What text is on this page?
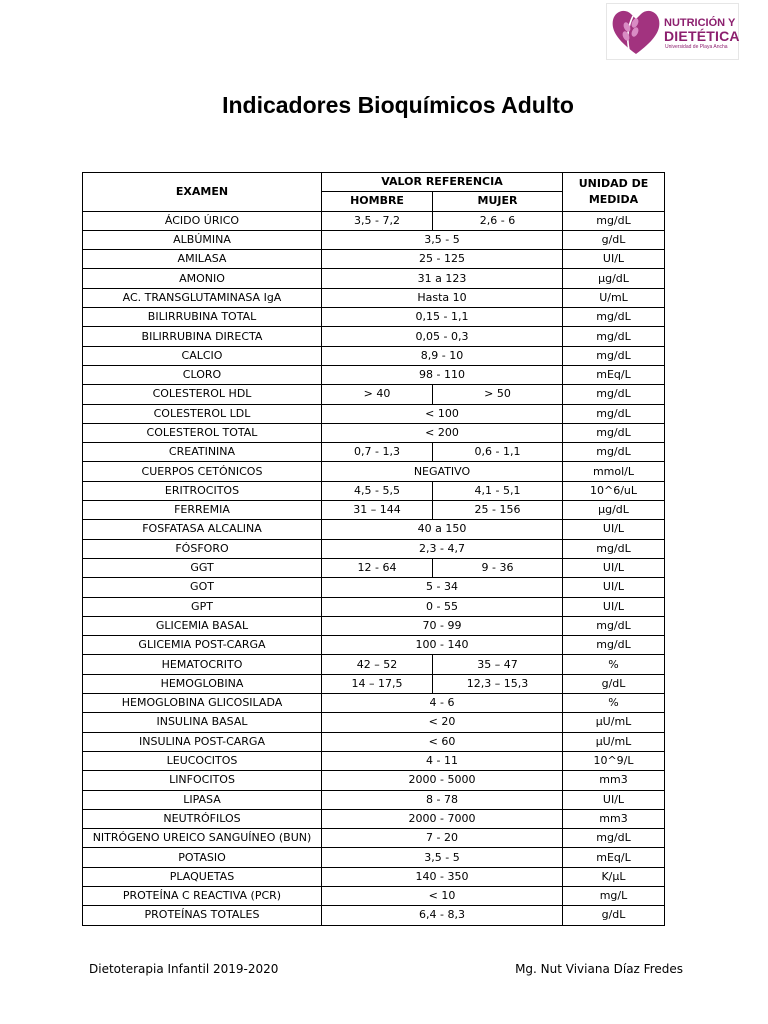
NUTRICIÓN Y
DIETÉTICA
Universidad de Playa Ancha
Indicadores Bioquímicos Adulto
EXAMEN	VALOR REFERENCIA		UNIDAD DE MEDIDA
	HOMBRE	MUJER	
ÁCIDO ÚRICO	3,5 - 7,2	2,6 - 6	mg/dL
ALBÚMINA	3,5 - 5		g/dL
AMILASA	25 - 125		UI/L
AMONIO	31 a 123		µg/dL
AC. TRANSGLUTAMINASA IgA	Hasta 10		U/mL
BILIRRUBINA TOTAL	0,15 - 1,1		mg/dL
BILIRRUBINA DIRECTA	0,05 - 0,3		mg/dL
CALCIO	8,9 - 10		mg/dL
CLORO	98 - 110		mEq/L
COLESTEROL HDL	> 40	> 50	mg/dL
COLESTEROL LDL	< 100		mg/dL
COLESTEROL TOTAL	< 200		mg/dL
CREATININA	0,7 - 1,3	0,6 - 1,1	mg/dL
CUERPOS CETÓNICOS	NEGATIVO		mmol/L
ERITROCITOS	4,5 - 5,5	4,1 - 5,1	10^6/uL
FERREMIA	31 – 144	25 - 156	µg/dL
FOSFATASA ALCALINA	40 a 150		UI/L
FÓSFORO	2,3 - 4,7		mg/dL
GGT	12 - 64	9 - 36	UI/L
GOT	5 - 34		UI/L
GPT	0 - 55		UI/L
GLICEMIA BASAL	70 - 99		mg/dL
GLICEMIA POST-CARGA	100 - 140		mg/dL
HEMATOCRITO	42 – 52	35 – 47	%
HEMOGLOBINA	14 – 17,5	12,3 – 15,3	g/dL
HEMOGLOBINA GLICOSILADA	4 - 6		%
INSULINA BASAL	< 20		µU/mL
INSULINA POST-CARGA	< 60		µU/mL
LEUCOCITOS	4 - 11		10^9/L
LINFOCITOS	2000 - 5000		mm3
LIPASA	8 - 78		UI/L
NEUTRÓFILOS	2000 - 7000		mm3
NITRÓGENO UREICO SANGUÍNEO (BUN)	7 - 20		mg/dL
POTASIO	3,5 - 5		mEq/L
PLAQUETAS	140 - 350		K/µL
PROTEÍNA C REACTIVA (PCR)	< 10		mg/L
PROTEÍNAS TOTALES	6,4 - 8,3		g/dL
Dietoterapia Infantil 2019-2020	Mg. Nut Viviana Díaz Fredes
